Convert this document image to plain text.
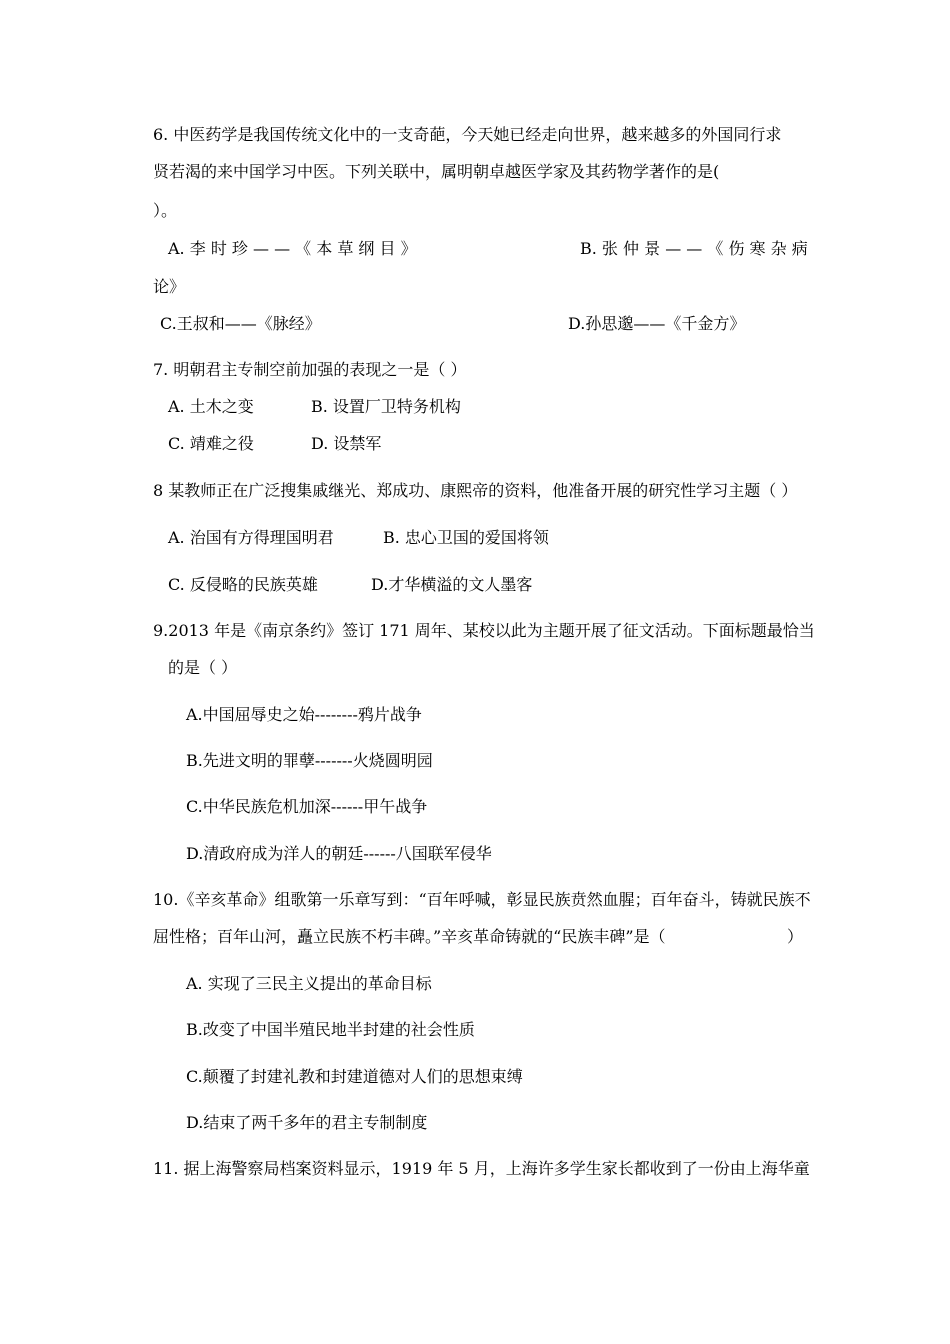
6. 中医药学是我国传统文化中的一支奇葩，今天她已经走向世界，越来越多的外国同行求
贤若渴的来中国学习中医。下列关联中，属明朝卓越医学家及其药物学著作的是(
）。
A. 李 时 珍 — — 《 本 草 纲 目 》	B. 张 仲 景 — — 《 伤 寒 杂 病
论》
C.王叔和——《脉经》	D.孙思邈——《千金方》
7. 明朝君主专制空前加强的表现之一是（ ）
A. 土木之变	B. 设置厂卫特务机构
C. 靖难之役	D. 设禁军
8 某教师正在广泛搜集戚继光、郑成功、康熙帝的资料，他准备开展的研究性学习主题（ ）
A. 治国有方得理国明君	B. 忠心卫国的爱国将领
C. 反侵略的民族英雄	D.才华横溢的文人墨客
9.2013 年是《南京条约》签订 171 周年、某校以此为主题开展了征文活动。下面标题最恰当
的是（ ）
A.中国屈辱史之始--------鸦片战争
B.先进文明的罪孽-------火烧圆明园
C.中华民族危机加深------甲午战争
D.清政府成为洋人的朝廷------八国联军侵华
10.《辛亥革命》组歌第一乐章写到：“百年呼喊，彰显民族贲然血腥；百年奋斗，铸就民族不
屈性格；百年山河，矗立民族不朽丰碑。”辛亥革命铸就的“民族丰碑”是（	）
A. 实现了三民主义提出的革命目标
B.改变了中国半殖民地半封建的社会性质
C.颠覆了封建礼教和封建道德对人们的思想束缚
D.结束了两千多年的君主专制制度
11. 据上海警察局档案资料显示，1919 年 5 月，上海许多学生家长都收到了一份由上海华童
